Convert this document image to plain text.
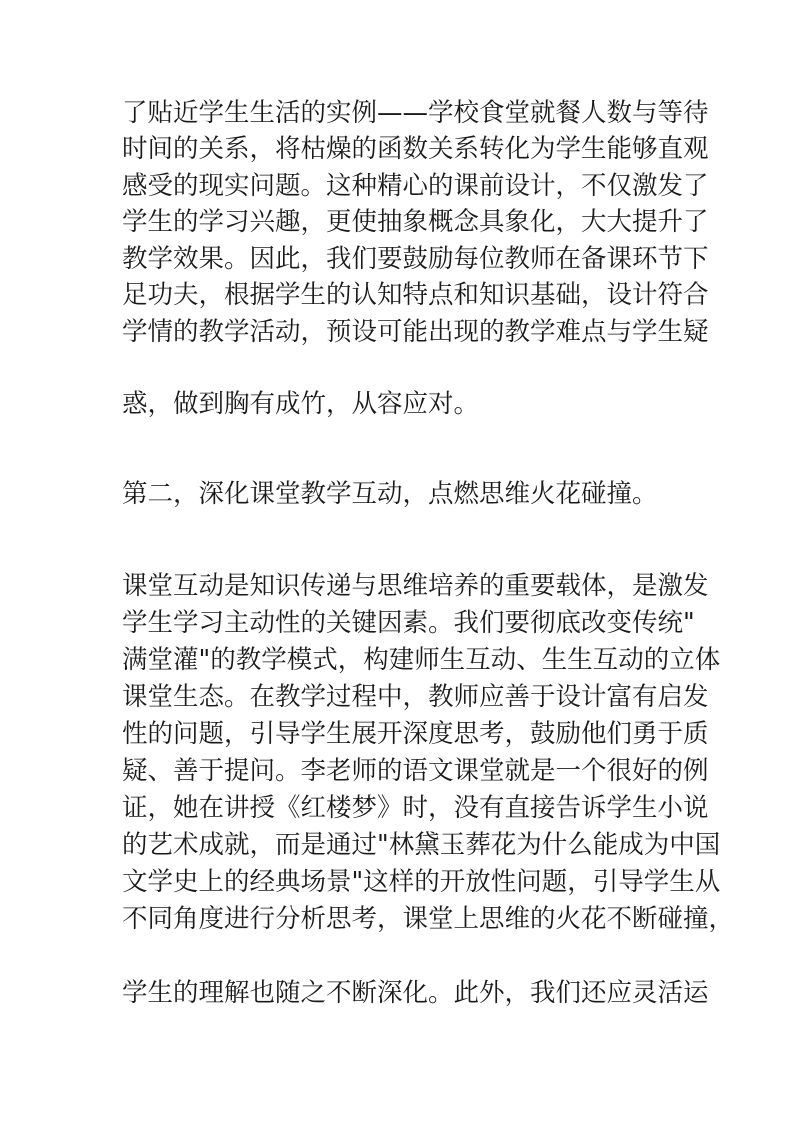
了贴近学生生活的实例——学校食堂就餐人数与等待
时间的关系，将枯燥的函数关系转化为学生能够直观
感受的现实问题。这种精心的课前设计，不仅激发了
学生的学习兴趣，更使抽象概念具象化，大大提升了
教学效果。因此，我们要鼓励每位教师在备课环节下
足功夫，根据学生的认知特点和知识基础，设计符合
学情的教学活动，预设可能出现的教学难点与学生疑
惑，做到胸有成竹，从容应对。
第二，深化课堂教学互动，点燃思维火花碰撞。
课堂互动是知识传递与思维培养的重要载体，是激发
学生学习主动性的关键因素。我们要彻底改变传统"
满堂灌"的教学模式，构建师生互动、生生互动的立体
课堂生态。在教学过程中，教师应善于设计富有启发
性的问题，引导学生展开深度思考，鼓励他们勇于质
疑、善于提问。李老师的语文课堂就是一个很好的例
证，她在讲授《红楼梦》时，没有直接告诉学生小说
的艺术成就，而是通过"林黛玉葬花为什么能成为中国
文学史上的经典场景"这样的开放性问题，引导学生从
不同角度进行分析思考，课堂上思维的火花不断碰撞，
学生的理解也随之不断深化。此外，我们还应灵活运
